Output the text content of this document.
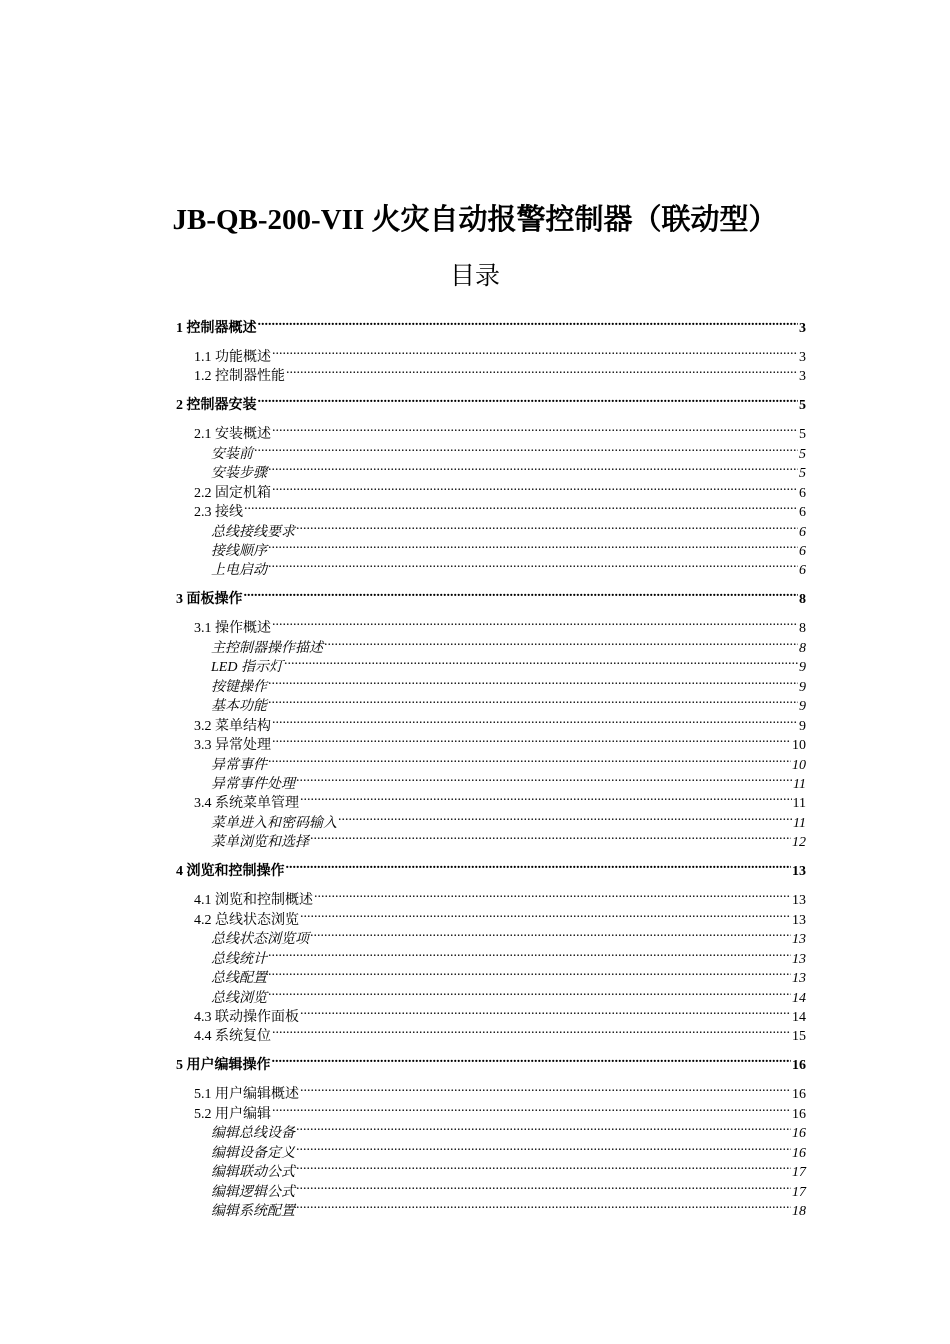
JB-QB-200-VII 火灾自动报警控制器（联动型）
目录
1 控制器概述 .....	3
1.1 功能概述 .....	3
1.2 控制器性能 .....	3
2 控制器安装 .....	5
2.1 安装概述 .....	5
安装前 .....	5
安装步骤 .....	5
2.2 固定机箱 .....	6
2.3 接线 .....	6
总线接线要求 .....	6
接线顺序 .....	6
上电启动 .....	6
3 面板操作 .....	8
3.1 操作概述 .....	8
主控制器操作描述 .....	8
LED 指示灯 .....	9
按键操作 .....	9
基本功能 .....	9
3.2 菜单结构 .....	9
3.3 异常处理 .....	10
异常事件 .....	10
异常事件处理 .....	11
3.4 系统菜单管理 .....	11
菜单进入和密码输入 .....	11
菜单浏览和选择 .....	12
4 浏览和控制操作 .....	13
4.1 浏览和控制概述 .....	13
4.2 总线状态浏览 .....	13
总线状态浏览项 .....	13
总线统计 .....	13
总线配置 .....	13
总线浏览 .....	14
4.3 联动操作面板 .....	14
4.4 系统复位 .....	15
5 用户编辑操作 .....	16
5.1 用户编辑概述 .....	16
5.2 用户编辑 .....	16
编辑总线设备 .....	16
编辑设备定义 .....	16
编辑联动公式 .....	17
编辑逻辑公式 .....	17
编辑系统配置 .....	18
